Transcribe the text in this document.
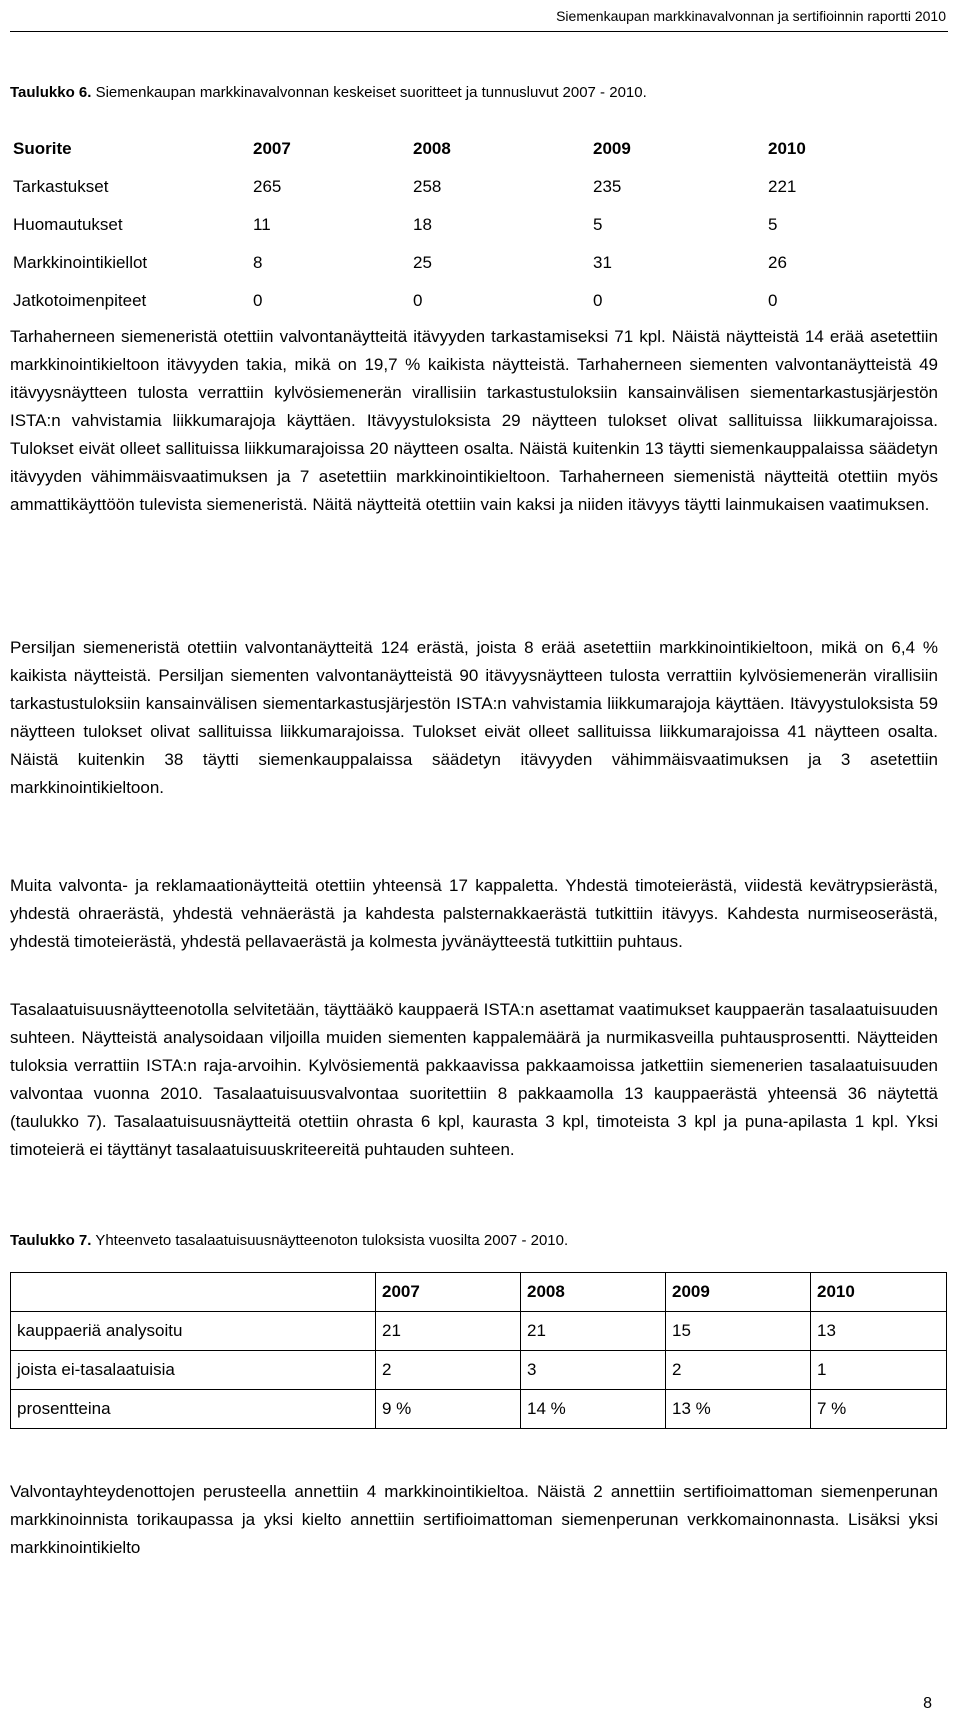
Siemenkaupan markkinavalvonnan ja sertifioinnin raportti 2010
Taulukko 6. Siemenkaupan markkinavalvonnan keskeiset suoritteet ja tunnusluvut 2007 - 2010.
Suorite	2007	2008	2009	2010
Tarkastukset	265	258	235	221
Huomautukset	11	18	5	5
Markkinointikiellot	8	25	31	26
Jatkotoimenpiteet	0	0	0	0

Tarhaherneen siemeneristä otettiin valvontanäytteitä itävyyden tarkastamiseksi 71 kpl. Näistä näytteistä 14 erää asetettiin markkinointikieltoon itävyyden takia, mikä on 19,7 % kaikista näytteistä. Tarhaherneen siementen valvontanäytteistä 49 itävyysnäytteen tulosta verrattiin kylvösiemenerän virallisiin tarkastustuloksiin kansainvälisen siementarkastusjärjestön ISTA:n vahvistamia liikkumarajoja käyttäen. Itävyystuloksista 29 näytteen tulokset olivat sallituissa liikkumarajoissa. Tulokset eivät olleet sallituissa liikkumarajoissa 20 näytteen osalta. Näistä kuitenkin 13 täytti siemenkauppalaissa säädetyn itävyyden vähimmäisvaatimuksen ja 7 asetettiin markkinointikieltoon. Tarhaherneen siemenistä näytteitä otettiin myös ammattikäyttöön tulevista siemeneristä. Näitä näytteitä otettiin vain kaksi ja niiden itävyys täytti lainmukaisen vaatimuksen.

Persiljan siemeneristä otettiin valvontanäytteitä 124 erästä, joista 8 erää asetettiin markkinointikieltoon, mikä on 6,4 % kaikista näytteistä. Persiljan siementen valvontanäytteistä 90 itävyysnäytteen tulosta verrattiin kylvösiemenerän virallisiin tarkastustuloksiin kansainvälisen siementarkastusjärjestön ISTA:n vahvistamia liikkumarajoja käyttäen. Itävyystuloksista 59 näytteen tulokset olivat sallituissa liikkumarajoissa. Tulokset eivät olleet sallituissa liikkumarajoissa 41 näytteen osalta. Näistä kuitenkin 38 täytti siemenkauppalaissa säädetyn itävyyden vähimmäisvaatimuksen ja 3 asetettiin markkinointikieltoon.

Muita valvonta- ja reklamaationäytteitä otettiin yhteensä 17 kappaletta. Yhdestä timoteierästä, viidestä kevätrypsierästä, yhdestä ohraerästä, yhdestä vehnäerästä ja kahdesta palsternakkaerästä tutkittiin itävyys. Kahdesta nurmiseoserästä, yhdestä timoteierästä, yhdestä pellavaerästä ja kolmesta jyvänäytteestä tutkittiin puhtaus.

Tasalaatuisuusnäytteenotolla selvitetään, täyttääkö kauppaerä ISTA:n asettamat vaatimukset kauppaerän tasalaatuisuuden suhteen. Näytteistä analysoidaan viljoilla muiden siementen kappalemäärä ja nurmikasveilla puhtausprosentti. Näytteiden tuloksia verrattiin ISTA:n raja-arvoihin. Kylvösiementä pakkaavissa pakkaamoissa jatkettiin siemenerien tasalaatuisuuden valvontaa vuonna 2010. Tasalaatuisuusvalvontaa suoritettiin 8 pakkaamolla 13 kauppaerästä yhteensä 36 näytettä (taulukko 7). Tasalaatuisuusnäytteitä otettiin ohrasta 6 kpl, kaurasta 3 kpl, timoteista 3 kpl ja puna-apilasta 1 kpl. Yksi timoteierä ei täyttänyt tasalaatuisuuskriteereitä puhtauden suhteen.

Taulukko 7. Yhteenveto tasalaatuisuusnäytteenoton tuloksista vuosilta 2007 - 2010.
	2007	2008	2009	2010
kauppaeriä analysoitu	21	21	15	13
joista ei-tasalaatuisia	2	3	2	1
prosentteina	9 %	14 %	13 %	7 %

Valvontayhteydenottojen perusteella annettiin 4 markkinointikieltoa. Näistä 2 annettiin sertifioimattoman siemenperunan markkinoinnista torikaupassa ja yksi kielto annettiin sertifioimattoman siemenperunan verkkomainonnasta. Lisäksi yksi markkinointikielto

8
